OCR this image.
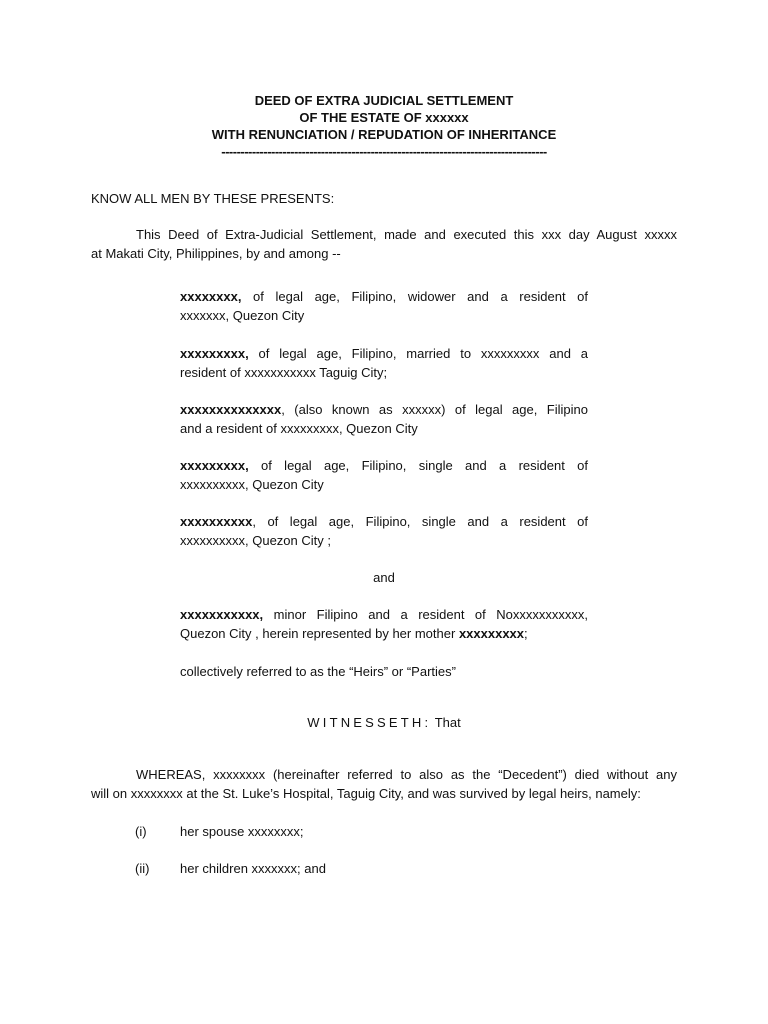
DEED OF EXTRA JUDICIAL SETTLEMENT
OF THE ESTATE OF xxxxxx
WITH RENUNCIATION / REPUDATION OF INHERITANCE
-------------------------------------------------------------------------------------
KNOW ALL MEN BY THESE PRESENTS:
This Deed of Extra-Judicial Settlement, made and executed this xxx day August xxxxx
at Makati City, Philippines, by and among --
xxxxxxxx, of legal age, Filipino, widower and a resident of
xxxxxxx, Quezon City
xxxxxxxxx, of legal age, Filipino, married to xxxxxxxxx and a
resident of xxxxxxxxxxx Taguig City;
xxxxxxxxxxxxxx, (also known as xxxxxx) of legal age, Filipino
and a resident of xxxxxxxxx, Quezon City
xxxxxxxxx, of legal age, Filipino, single and a resident of
xxxxxxxxxx, Quezon City
xxxxxxxxxx, of legal age, Filipino, single and a resident of
xxxxxxxxxx, Quezon City ;
and
xxxxxxxxxxx, minor Filipino and a resident of Noxxxxxxxxxxx,
Quezon City , herein represented by her mother xxxxxxxxx;
collectively referred to as the “Heirs” or “Parties”
WITNESSETH: That
WHEREAS, xxxxxxxx (hereinafter referred to also as the “Decedent”) died without any
will on xxxxxxxx at the St. Luke’s Hospital, Taguig City, and was survived by legal heirs, namely:
(i)	her spouse xxxxxxxx;
(ii) her children xxxxxxx; and
